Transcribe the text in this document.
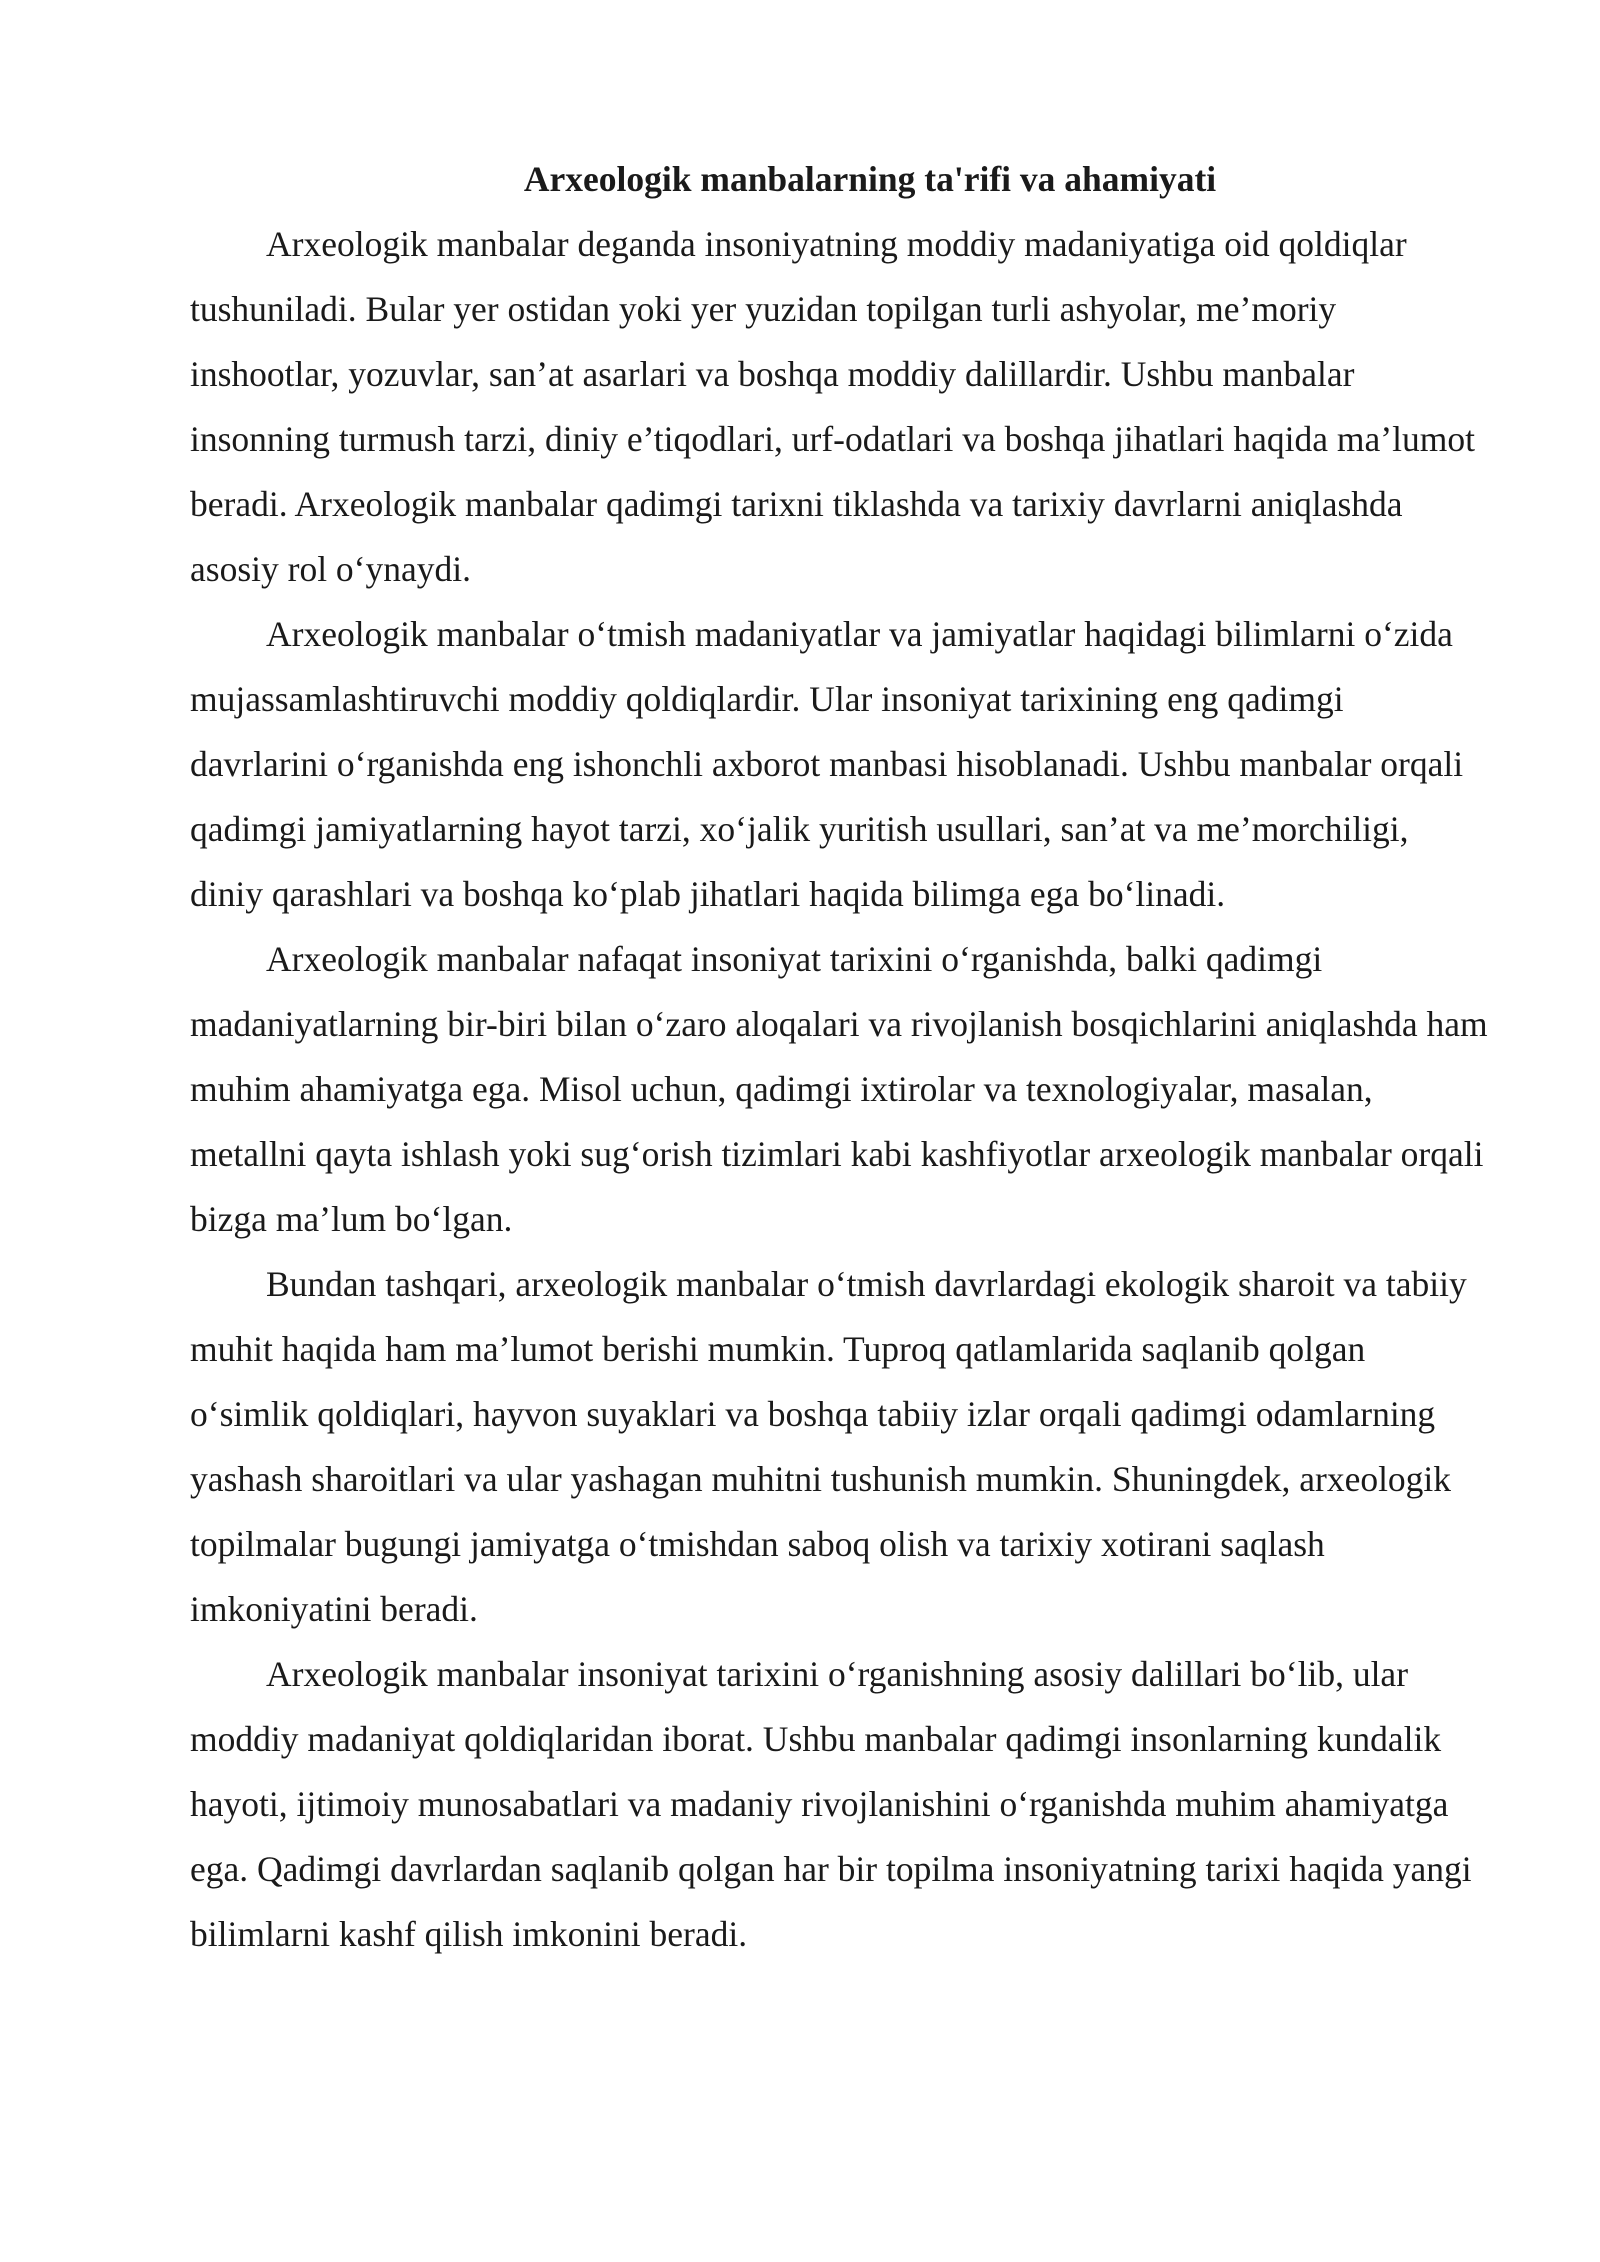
Arxeologik manbalarning ta'rifi va ahamiyati

Arxeologik manbalar deganda insoniyatning moddiy madaniyatiga oid qoldiqlar tushuniladi. Bular yer ostidan yoki yer yuzidan topilgan turli ashyolar, me’moriy inshootlar, yozuvlar, san’at asarlari va boshqa moddiy dalillardir. Ushbu manbalar insonning turmush tarzi, diniy e’tiqodlari, urf-odatlari va boshqa jihatlari haqida ma’lumot beradi. Arxeologik manbalar qadimgi tarixni tiklashda va tarixiy davrlarni aniqlashda asosiy rol o‘ynaydi.

Arxeologik manbalar o‘tmish madaniyatlar va jamiyatlar haqidagi bilimlarni o‘zida mujassamlashtiruvchi moddiy qoldiqlardir. Ular insoniyat tarixining eng qadimgi davrlarini o‘rganishda eng ishonchli axborot manbasi hisoblanadi. Ushbu manbalar orqali qadimgi jamiyatlarning hayot tarzi, xo‘jalik yuritish usullari, san’at va me’morchiligi, diniy qarashlari va boshqa ko‘plab jihatlari haqida bilimga ega bo‘linadi.

Arxeologik manbalar nafaqat insoniyat tarixini o‘rganishda, balki qadimgi madaniyatlarning bir-biri bilan o‘zaro aloqalari va rivojlanish bosqichlarini aniqlashda ham muhim ahamiyatga ega. Misol uchun, qadimgi ixtirolar va texnologiyalar, masalan, metallni qayta ishlash yoki sug‘orish tizimlari kabi kashfiyotlar arxeologik manbalar orqali bizga ma’lum bo‘lgan.

Bundan tashqari, arxeologik manbalar o‘tmish davrlardagi ekologik sharoit va tabiiy muhit haqida ham ma’lumot berishi mumkin. Tuproq qatlamlarida saqlanib qolgan o‘simlik qoldiqlari, hayvon suyaklari va boshqa tabiiy izlar orqali qadimgi odamlarning yashash sharoitlari va ular yashagan muhitni tushunish mumkin. Shuningdek, arxeologik topilmalar bugungi jamiyatga o‘tmishdan saboq olish va tarixiy xotirani saqlash imkoniyatini beradi.

Arxeologik manbalar insoniyat tarixini o‘rganishning asosiy dalillari bo‘lib, ular moddiy madaniyat qoldiqlaridan iborat. Ushbu manbalar qadimgi insonlarning kundalik hayoti, ijtimoiy munosabatlari va madaniy rivojlanishini o‘rganishda muhim ahamiyatga ega. Qadimgi davrlardan saqlanib qolgan har bir topilma insoniyatning tarixi haqida yangi bilimlarni kashf qilish imkonini beradi.
